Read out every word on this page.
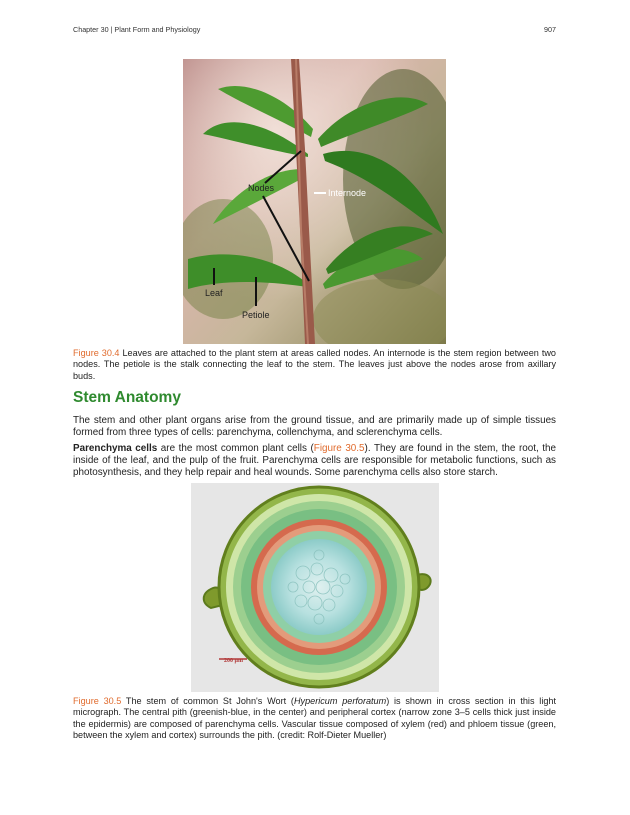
Chapter 30 | Plant Form and Physiology	907
Nodes	Internode
Leaf
Petiole
Figure 30.4 Leaves are attached to the plant stem at areas called nodes. An internode is the stem region between two nodes. The petiole is the stalk connecting the leaf to the stem. The leaves just above the nodes arose from axillary buds.
Stem Anatomy

The stem and other plant organs arise from the ground tissue, and are primarily made up of simple tissues formed from three types of cells: parenchyma, collenchyma, and sclerenchyma cells.

Parenchyma cells are the most common plant cells (Figure 30.5). They are found in the stem, the root, the inside of the leaf, and the pulp of the fruit. Parenchyma cells are responsible for metabolic functions, such as photosynthesis, and they help repair and heal wounds. Some parenchyma cells also store starch.

200 µm
Figure 30.5 The stem of common St John's Wort (Hypericum perforatum) is shown in cross section in this light micrograph. The central pith (greenish-blue, in the center) and peripheral cortex (narrow zone 3–5 cells thick just inside the epidermis) are composed of parenchyma cells. Vascular tissue composed of xylem (red) and phloem tissue (green, between the xylem and cortex) surrounds the pith. (credit: Rolf-Dieter Mueller)
